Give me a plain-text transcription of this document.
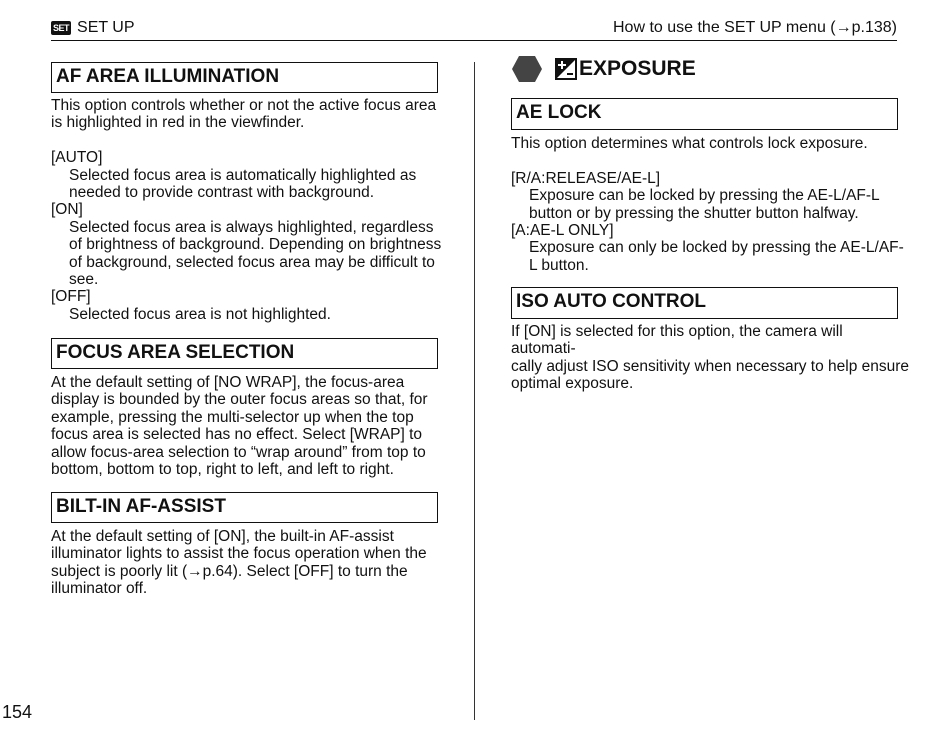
SET SET UP	How to use the SET UP menu (→p.138)
AF AREA ILLUMINATION

This option controls whether or not the active focus area

is highlighted in red in the viewfinder.

[AUTO]

Selected focus area is automatically highlighted as

needed to provide contrast with background.

[ON]

Selected focus area is always highlighted, regardless

of brightness of background. Depending on brightness

of background, selected focus area may be difficult to

see.

[OFF]

Selected focus area is not highlighted.

FOCUS AREA SELECTION

At the default setting of [NO WRAP], the focus-area

display is bounded by the outer focus areas so that, for

example, pressing the multi-selector up when the top

focus area is selected has no effect. Select [WRAP] to

allow focus-area selection to “wrap around” from top to

bottom, bottom to top, right to left, and left to right.

BILT-IN AF-ASSIST

At the default setting of [ON], the built-in AF-assist

illuminator lights to assist the focus operation when the

subject is poorly lit (→p.64). Select [OFF] to turn the

illuminator off.

EXPOSURE
AE LOCK

This option determines what controls lock exposure.

[R/A:RELEASE/AE-L]

Exposure can be locked by pressing the AE-L/AF-L

button or by pressing the shutter button halfway.

[A:AE-L ONLY]

Exposure can only be locked by pressing the AE-L/AF-

L button.

ISO AUTO CONTROL

If [ON] is selected for this option, the camera will automati-

cally adjust ISO sensitivity when necessary to help ensure

optimal exposure.

154
